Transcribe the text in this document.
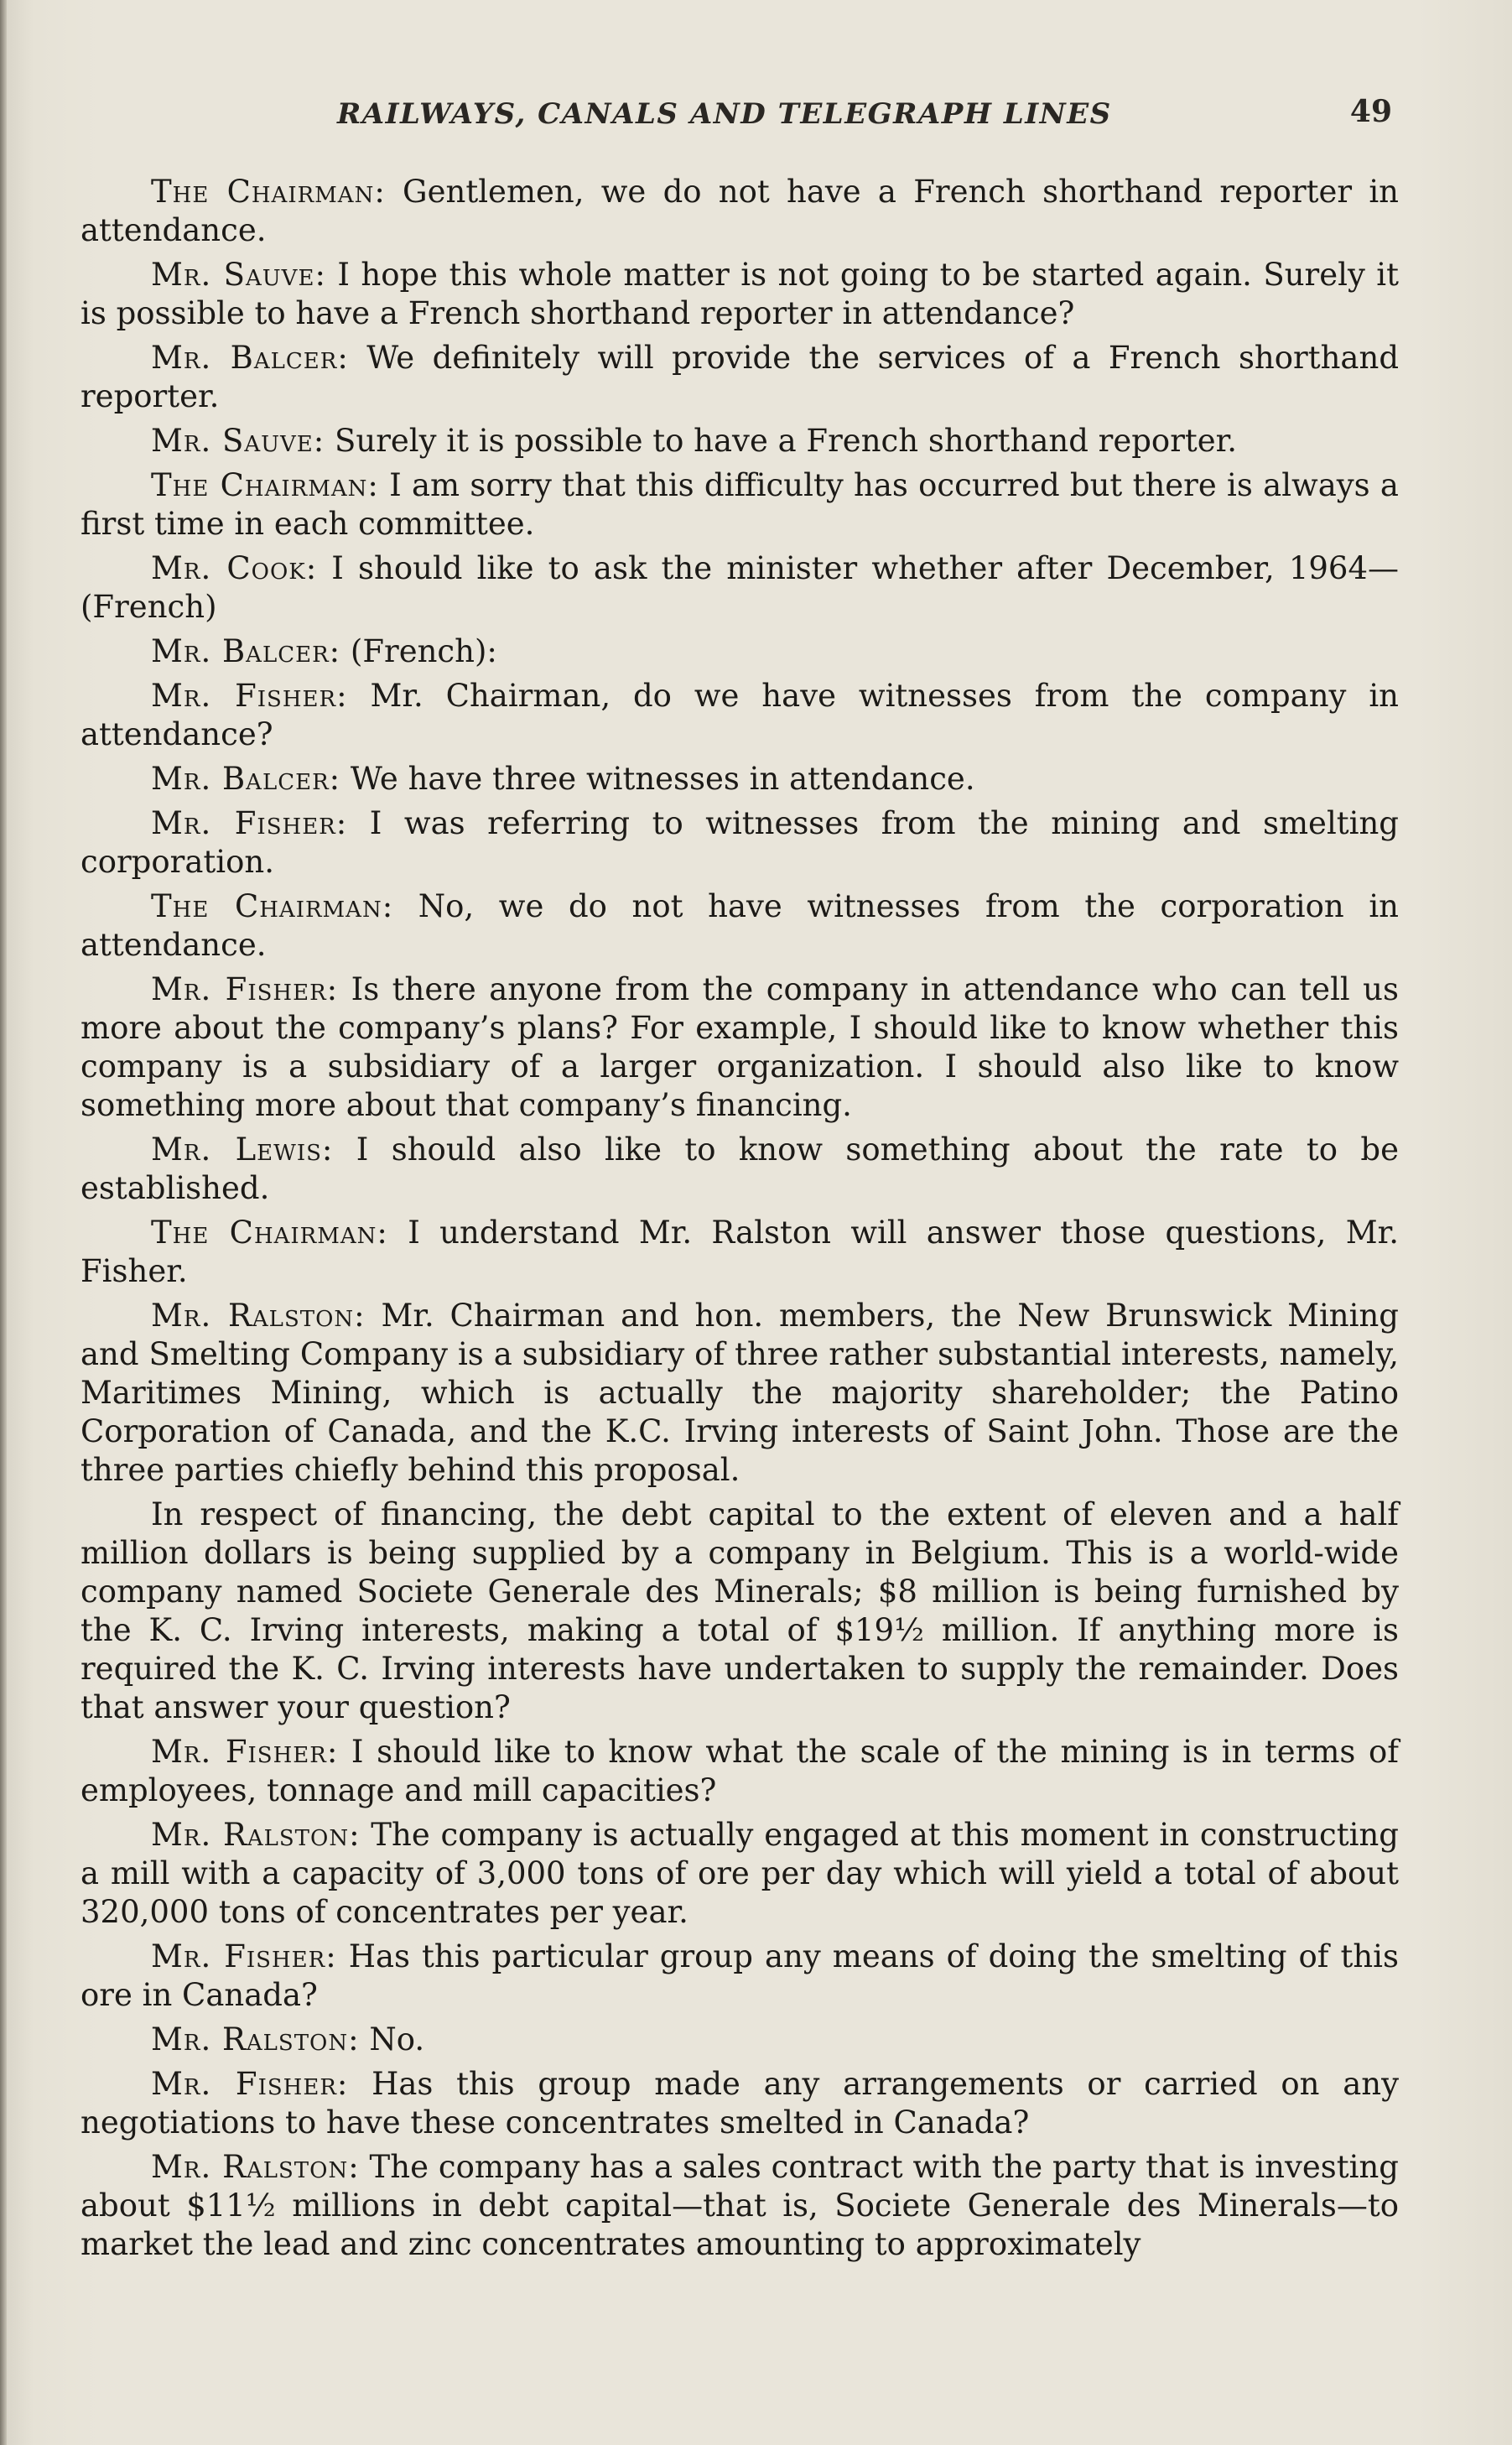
RAILWAYS, CANALS AND TELEGRAPH LINES	49

The Chairman: Gentlemen, we do not have a French shorthand reporter in attendance.

Mr. Sauve: I hope this whole matter is not going to be started again. Surely it is possible to have a French shorthand reporter in attendance?

Mr. Balcer: We definitely will provide the services of a French shorthand reporter.

Mr. Sauve: Surely it is possible to have a French shorthand reporter.

The Chairman: I am sorry that this difficulty has occurred but there is always a first time in each committee.

Mr. Cook: I should like to ask the minister whether after December, 1964—(French)

Mr. Balcer: (French):

Mr. Fisher: Mr. Chairman, do we have witnesses from the company in attendance?

Mr. Balcer: We have three witnesses in attendance.

Mr. Fisher: I was referring to witnesses from the mining and smelting corporation.

The Chairman: No, we do not have witnesses from the corporation in attendance.

Mr. Fisher: Is there anyone from the company in attendance who can tell us more about the company’s plans? For example, I should like to know whether this company is a subsidiary of a larger organization. I should also like to know something more about that company’s financing.

Mr. Lewis: I should also like to know something about the rate to be established.

The Chairman: I understand Mr. Ralston will answer those questions, Mr. Fisher.

Mr. Ralston: Mr. Chairman and hon. members, the New Brunswick Mining and Smelting Company is a subsidiary of three rather substantial interests, namely, Maritimes Mining, which is actually the majority shareholder; the Patino Corporation of Canada, and the K.C. Irving interests of Saint John. Those are the three parties chiefly behind this proposal.

In respect of financing, the debt capital to the extent of eleven and a half million dollars is being supplied by a company in Belgium. This is a world-wide company named Societe Generale des Minerals; $8 million is being furnished by the K. C. Irving interests, making a total of $19½ million. If anything more is required the K. C. Irving interests have undertaken to supply the remainder. Does that answer your question?

Mr. Fisher: I should like to know what the scale of the mining is in terms of employees, tonnage and mill capacities?

Mr. Ralston: The company is actually engaged at this moment in constructing a mill with a capacity of 3,000 tons of ore per day which will yield a total of about 320,000 tons of concentrates per year.

Mr. Fisher: Has this particular group any means of doing the smelting of this ore in Canada?

Mr. Ralston: No.

Mr. Fisher: Has this group made any arrangements or carried on any negotiations to have these concentrates smelted in Canada?

Mr. Ralston: The company has a sales contract with the party that is investing about $11½ millions in debt capital—that is, Societe Generale des Minerals—to market the lead and zinc concentrates amounting to approximately
